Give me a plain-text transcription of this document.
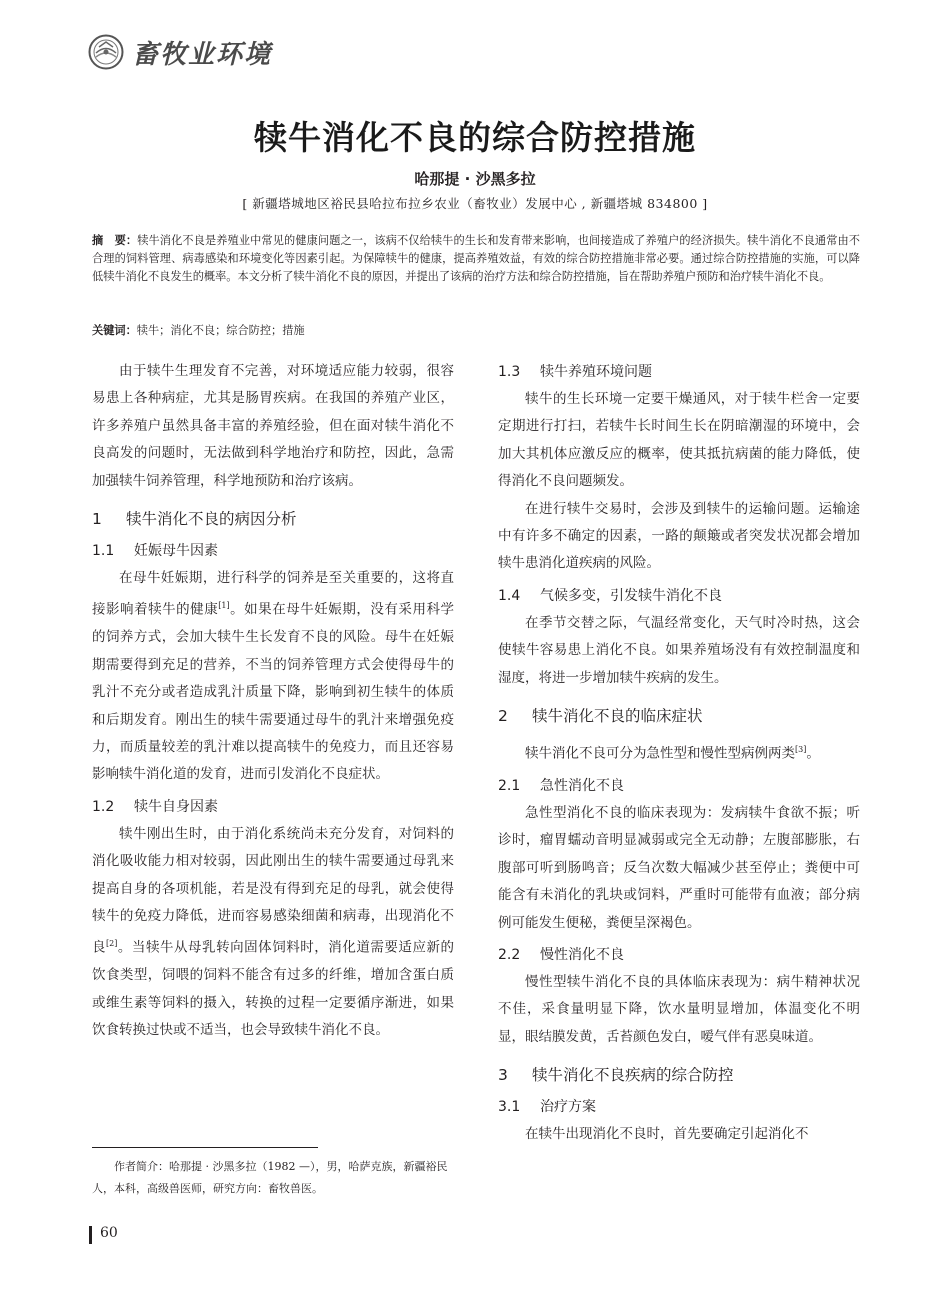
畜牧业环境
犊牛消化不良的综合防控措施
哈那提 · 沙黑多拉
[ 新疆塔城地区裕民县哈拉布拉乡农业（畜牧业）发展中心 , 新疆塔城 834800 ]
摘　要：犊牛消化不良是养殖业中常见的健康问题之一，该病不仅给犊牛的生长和发育带来影响，也间接造成了养殖户的经济损失。犊牛消化不良通常由不合理的饲料管理、病毒感染和环境变化等因素引起。为保障犊牛的健康，提高养殖效益，有效的综合防控措施非常必要。通过综合防控措施的实施，可以降低犊牛消化不良发生的概率。本文分析了犊牛消化不良的原因，并提出了该病的治疗方法和综合防控措施，旨在帮助养殖户预防和治疗犊牛消化不良。
关键词：犊牛；消化不良；综合防控；措施

由于犊牛生理发育不完善，对环境适应能力较弱，很容易患上各种病症，尤其是肠胃疾病。在我国的养殖产业区，许多养殖户虽然具备丰富的养殖经验，但在面对犊牛消化不良高发的问题时，无法做到科学地治疗和防控，因此，急需加强犊牛饲养管理，科学地预防和治疗该病。

1 犊牛消化不良的病因分析
1.1 妊娠母牛因素

在母牛妊娠期，进行科学的饲养是至关重要的，这将直接影响着犊牛的健康[1]。如果在母牛妊娠期，没有采用科学的饲养方式，会加大犊牛生长发育不良的风险。母牛在妊娠期需要得到充足的营养，不当的饲养管理方式会使得母牛的乳汁不充分或者造成乳汁质量下降，影响到初生犊牛的体质和后期发育。刚出生的犊牛需要通过母牛的乳汁来增强免疫力，而质量较差的乳汁难以提高犊牛的免疫力，而且还容易影响犊牛消化道的发育，进而引发消化不良症状。

1.2 犊牛自身因素

犊牛刚出生时，由于消化系统尚未充分发育，对饲料的消化吸收能力相对较弱，因此刚出生的犊牛需要通过母乳来提高自身的各项机能，若是没有得到充足的母乳，就会使得犊牛的免疫力降低，进而容易感染细菌和病毒，出现消化不良[2]。当犊牛从母乳转向固体饲料时，消化道需要适应新的饮食类型，饲喂的饲料不能含有过多的纤维，增加含蛋白质或维生素等饲料的摄入，转换的过程一定要循序渐进，如果饮食转换过快或不适当，也会导致犊牛消化不良。

作者简介：哈那提 · 沙黑多拉（1982 —），男，哈萨克族，新疆裕民人，本科，高级兽医师，研究方向：畜牧兽医。
1.3 犊牛养殖环境问题

犊牛的生长环境一定要干燥通风，对于犊牛栏舍一定要定期进行打扫，若犊牛长时间生长在阴暗潮湿的环境中，会加大其机体应激反应的概率，使其抵抗病菌的能力降低，使得消化不良问题频发。

在进行犊牛交易时，会涉及到犊牛的运输问题。运输途中有许多不确定的因素，一路的颠簸或者突发状况都会增加犊牛患消化道疾病的风险。

1.4 气候多变，引发犊牛消化不良

在季节交替之际，气温经常变化，天气时冷时热，这会使犊牛容易患上消化不良。如果养殖场没有有效控制温度和湿度，将进一步增加犊牛疾病的发生。

2 犊牛消化不良的临床症状

犊牛消化不良可分为急性型和慢性型病例两类[3]。

2.1 急性消化不良

急性型消化不良的临床表现为：发病犊牛食欲不振；听诊时，瘤胃蠕动音明显减弱或完全无动静；左腹部膨胀，右腹部可听到肠鸣音；反刍次数大幅减少甚至停止；粪便中可能含有未消化的乳块或饲料，严重时可能带有血液；部分病例可能发生便秘，粪便呈深褐色。

2.2 慢性消化不良

慢性型犊牛消化不良的具体临床表现为：病牛精神状况不佳，采食量明显下降，饮水量明显增加，体温变化不明显，眼结膜发黄，舌苔颜色发白，嗳气伴有恶臭味道。

3 犊牛消化不良疾病的综合防控
3.1 治疗方案

在犊牛出现消化不良时，首先要确定引起消化不

60
